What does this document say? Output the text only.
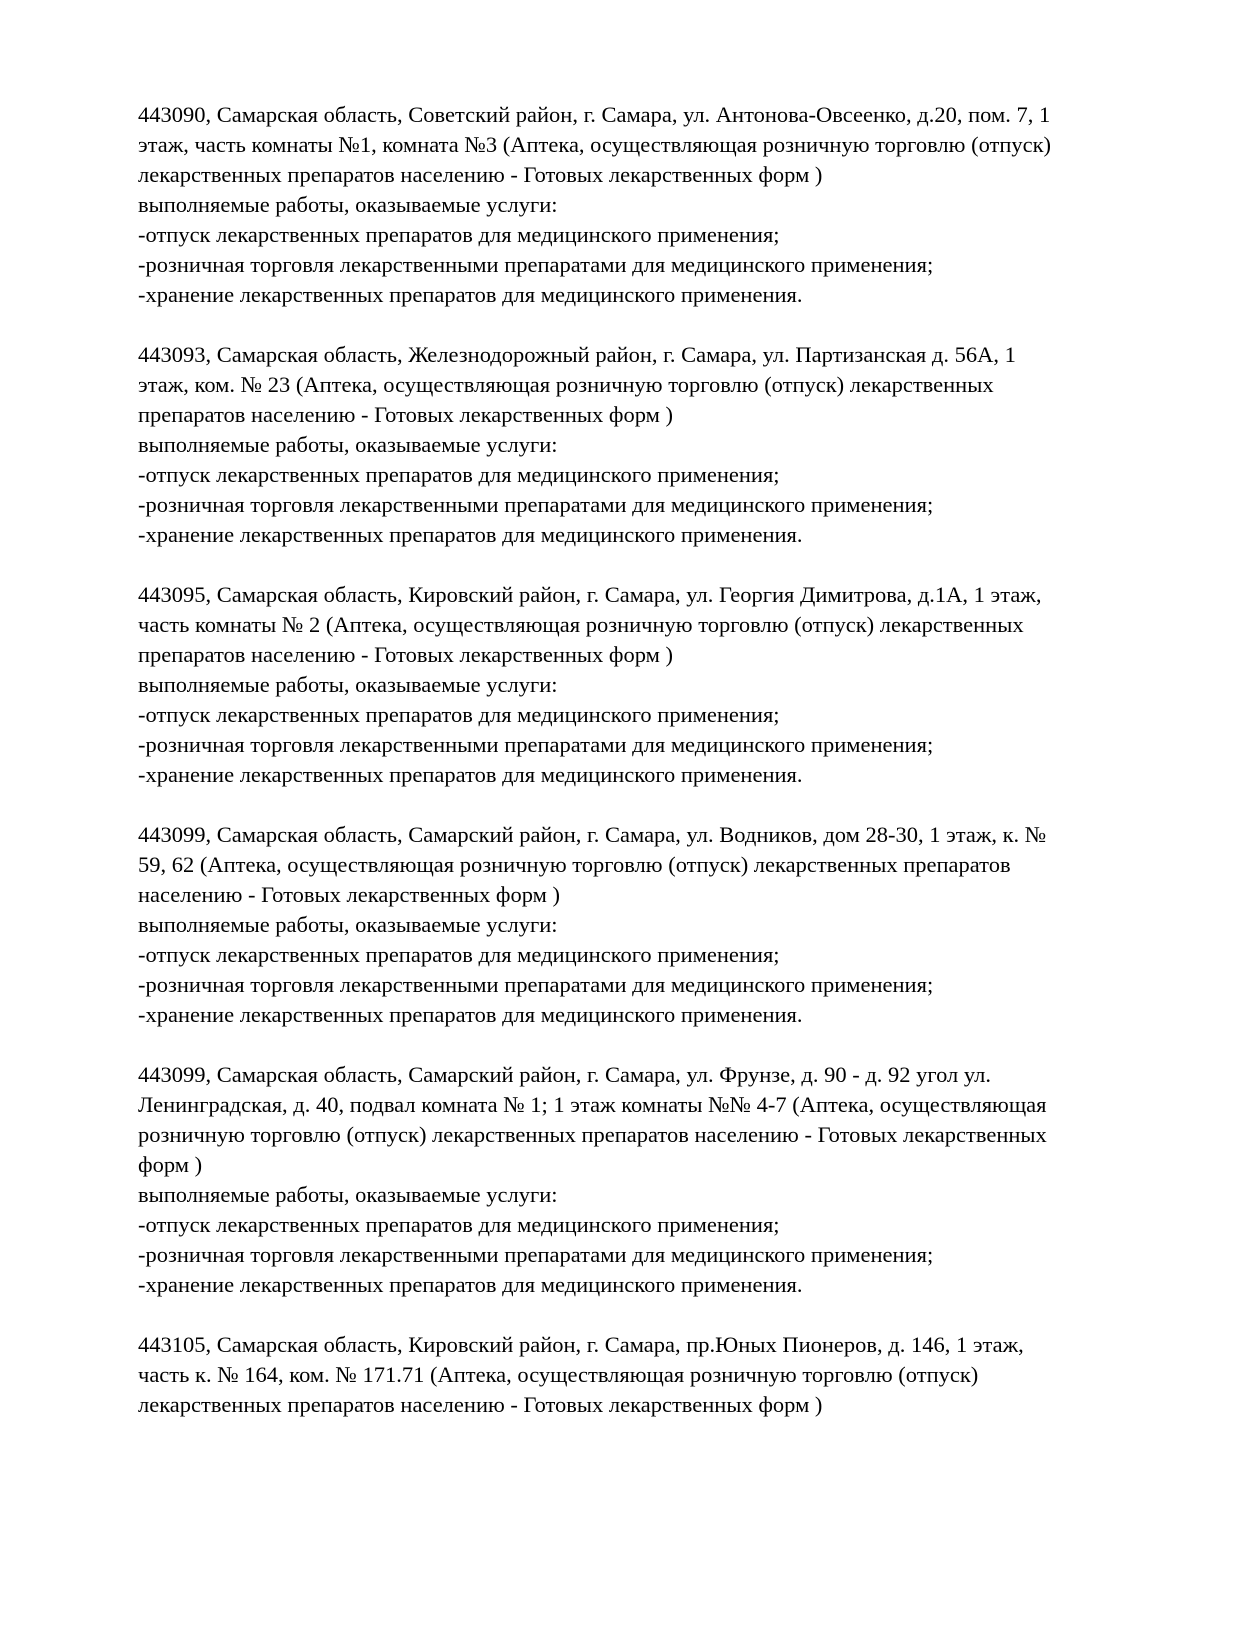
443090, Самарская область, Советский район, г. Самара, ул. Антонова-Овсеенко, д.20, пом. 7, 1
этаж, часть комнаты №1, комната №3 (Аптека, осуществляющая розничную торговлю (отпуск)
лекарственных препаратов населению - Готовых лекарственных форм )
выполняемые работы, оказываемые услуги:
-отпуск лекарственных препаратов для медицинского применения;
-розничная торговля лекарственными препаратами для медицинского применения;
-хранение лекарственных препаратов для медицинского применения.
443093, Самарская область, Железнодорожный район, г. Самара, ул. Партизанская д. 56А, 1
этаж, ком. № 23 (Аптека, осуществляющая розничную торговлю (отпуск) лекарственных
препаратов населению - Готовых лекарственных форм )
выполняемые работы, оказываемые услуги:
-отпуск лекарственных препаратов для медицинского применения;
-розничная торговля лекарственными препаратами для медицинского применения;
-хранение лекарственных препаратов для медицинского применения.
443095, Самарская область, Кировский район, г. Самара, ул. Георгия Димитрова, д.1А, 1 этаж,
часть комнаты № 2 (Аптека, осуществляющая розничную торговлю (отпуск) лекарственных
препаратов населению - Готовых лекарственных форм )
выполняемые работы, оказываемые услуги:
-отпуск лекарственных препаратов для медицинского применения;
-розничная торговля лекарственными препаратами для медицинского применения;
-хранение лекарственных препаратов для медицинского применения.
443099, Самарская область, Самарский район, г. Самара, ул. Водников, дом 28-30, 1 этаж, к. №
59, 62 (Аптека, осуществляющая розничную торговлю (отпуск) лекарственных препаратов
населению - Готовых лекарственных форм )
выполняемые работы, оказываемые услуги:
-отпуск лекарственных препаратов для медицинского применения;
-розничная торговля лекарственными препаратами для медицинского применения;
-хранение лекарственных препаратов для медицинского применения.
443099, Самарская область, Самарский район, г. Самара, ул. Фрунзе, д. 90 - д. 92 угол ул.
Ленинградская, д. 40, подвал комната № 1; 1 этаж комнаты №№ 4-7 (Аптека, осуществляющая
розничную торговлю (отпуск) лекарственных препаратов населению - Готовых лекарственных
форм )
выполняемые работы, оказываемые услуги:
-отпуск лекарственных препаратов для медицинского применения;
-розничная торговля лекарственными препаратами для медицинского применения;
-хранение лекарственных препаратов для медицинского применения.
443105, Самарская область, Кировский район, г. Самара, пр.Юных Пионеров, д. 146, 1 этаж,
часть к. № 164, ком. № 171.71 (Аптека, осуществляющая розничную торговлю (отпуск)
лекарственных препаратов населению - Готовых лекарственных форм )
